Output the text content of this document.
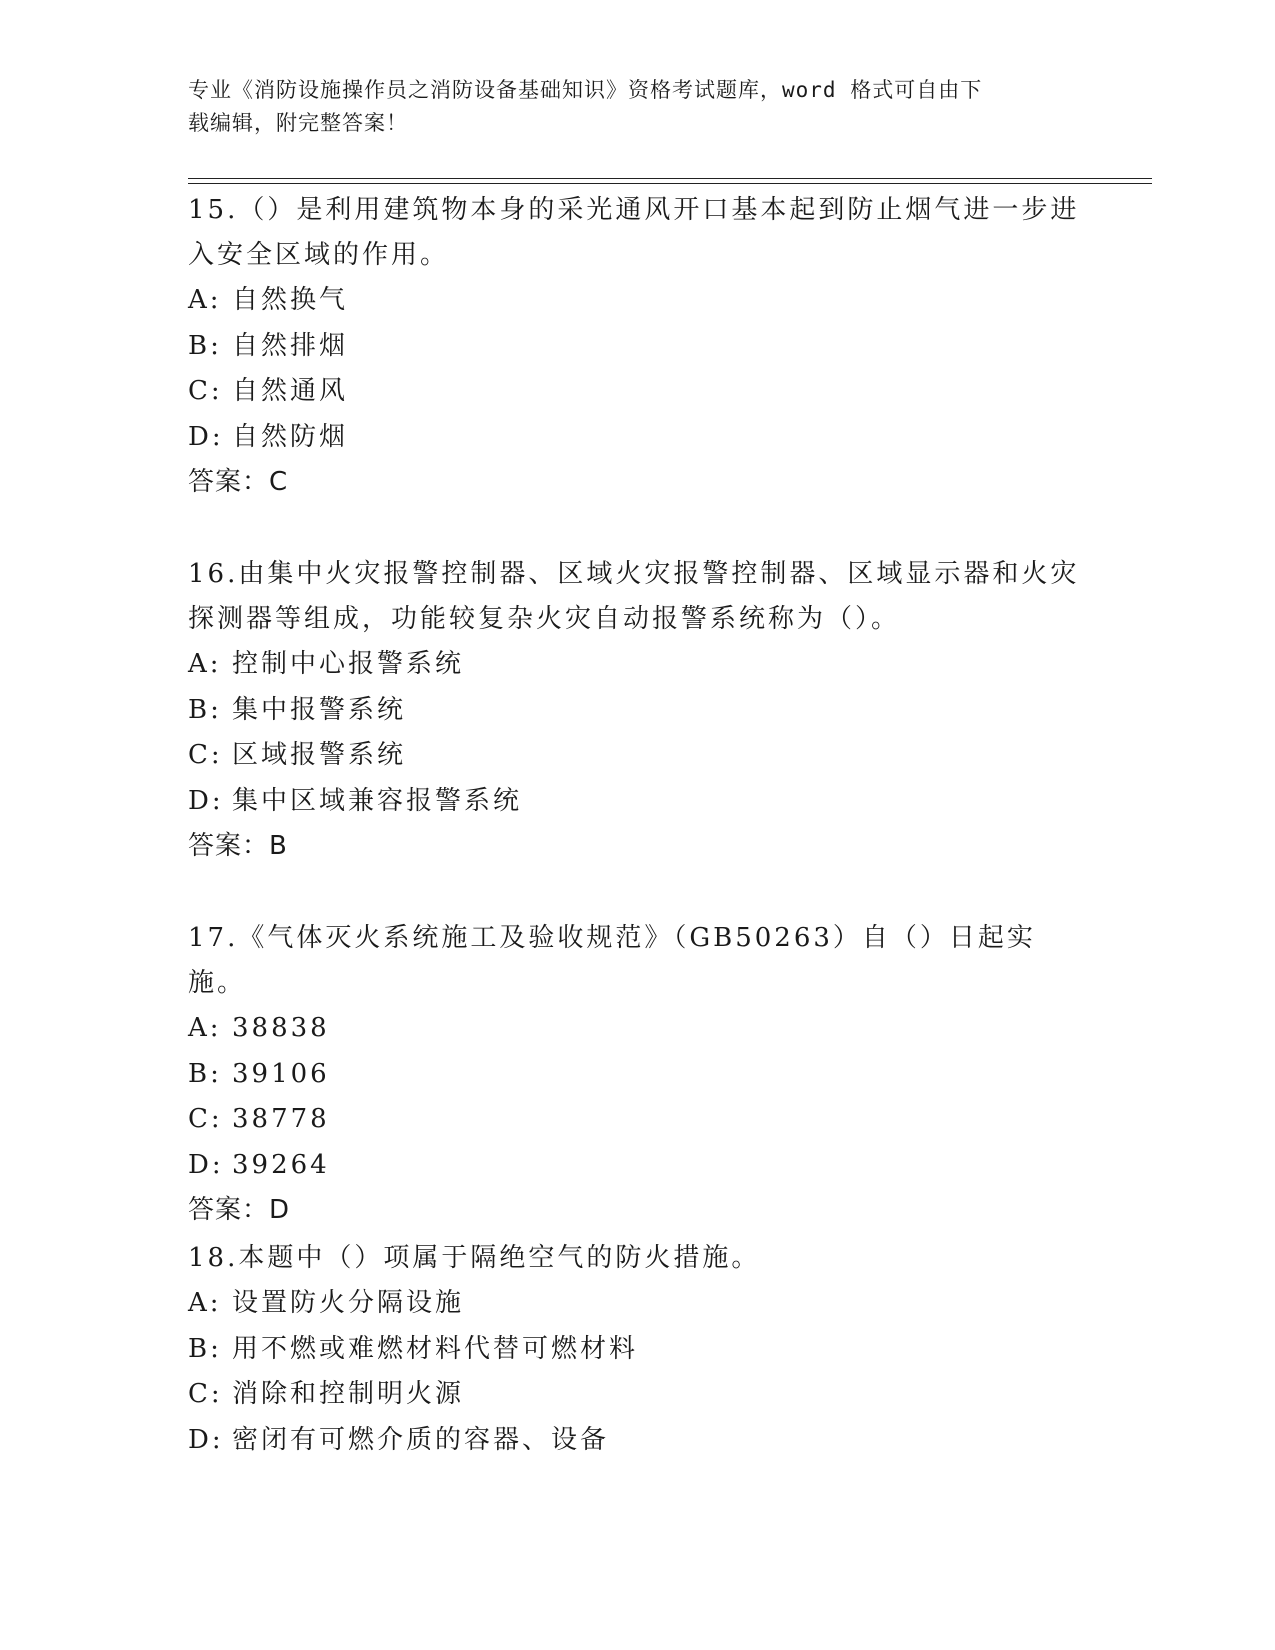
专业《消防设施操作员之消防设备基础知识》资格考试题库，word 格式可自由下
载编辑，附完整答案！

15.（）是利用建筑物本身的采光通风开口基本起到防止烟气进一步进
入安全区域的作用。

A: 自然换气

B: 自然排烟

C: 自然通风

D: 自然防烟

答案：C

16.由集中火灾报警控制器、区域火灾报警控制器、区域显示器和火灾
探测器等组成，功能较复杂火灾自动报警系统称为（）。

A: 控制中心报警系统

B: 集中报警系统

C: 区域报警系统

D: 集中区域兼容报警系统

答案：B

17.《气体灭火系统施工及验收规范》（GB50263）自（）日起实施。

A: 38838

B: 39106

C: 38778

D: 39264

答案：D

18.本题中（）项属于隔绝空气的防火措施。

A: 设置防火分隔设施

B: 用不燃或难燃材料代替可燃材料

C: 消除和控制明火源

D: 密闭有可燃介质的容器、设备
